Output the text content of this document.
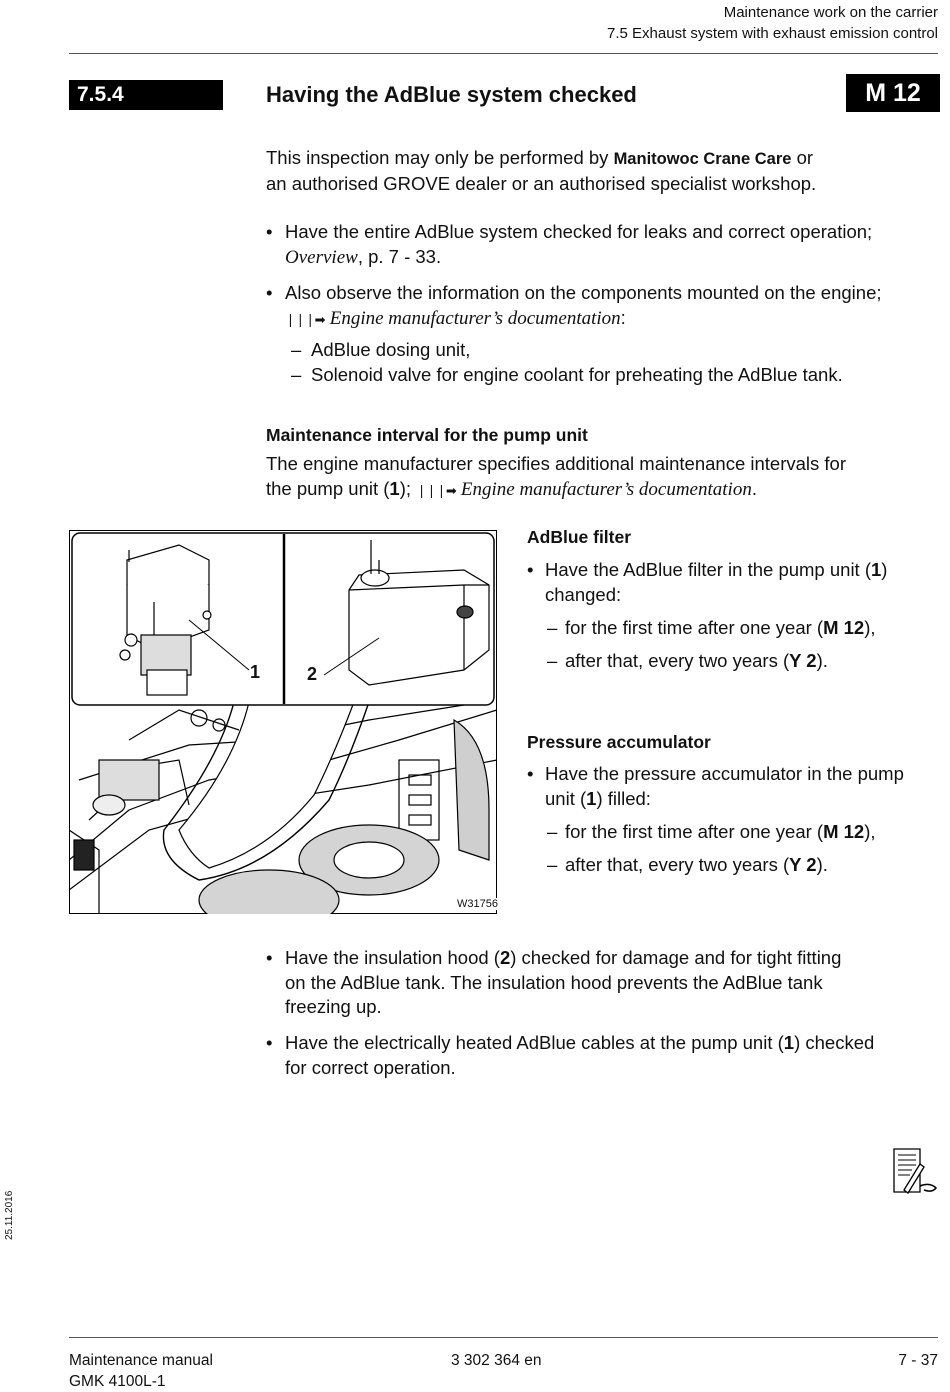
Maintenance work on the carrier
7.5 Exhaust system with exhaust emission control
7.5.4	Having the AdBlue system checked	M 12
This inspection may only be performed by Manitowoc Crane Care or
an authorised GROVE dealer or an authorised specialist workshop.
• Have the entire AdBlue system checked for leaks and correct operation;
Overview, p. 7 - 33.
• Also observe the information on the components mounted on the engine;
❘❘❘➡ Engine manufacturer’s documentation:
– AdBlue dosing unit,
– Solenoid valve for engine coolant for preheating the AdBlue tank.
Maintenance interval for the pump unit
The engine manufacturer specifies additional maintenance intervals for
the pump unit (1); ❘❘❘➡ Engine manufacturer’s documentation.
1	2
W31756
AdBlue filter
• Have the AdBlue filter in the pump unit (1)
changed:
– for the first time after one year (M 12),
– after that, every two years (Y 2).
Pressure accumulator
• Have the pressure accumulator in the pump
unit (1) filled:
– for the first time after one year (M 12),
– after that, every two years (Y 2).
• Have the insulation hood (2) checked for damage and for tight fitting
on the AdBlue tank. The insulation hood prevents the AdBlue tank
freezing up.
• Have the electrically heated AdBlue cables at the pump unit (1) checked
for correct operation.
25.11.2016
Maintenance manual
GMK 4100L-1
3 302 364 en	7 - 37
